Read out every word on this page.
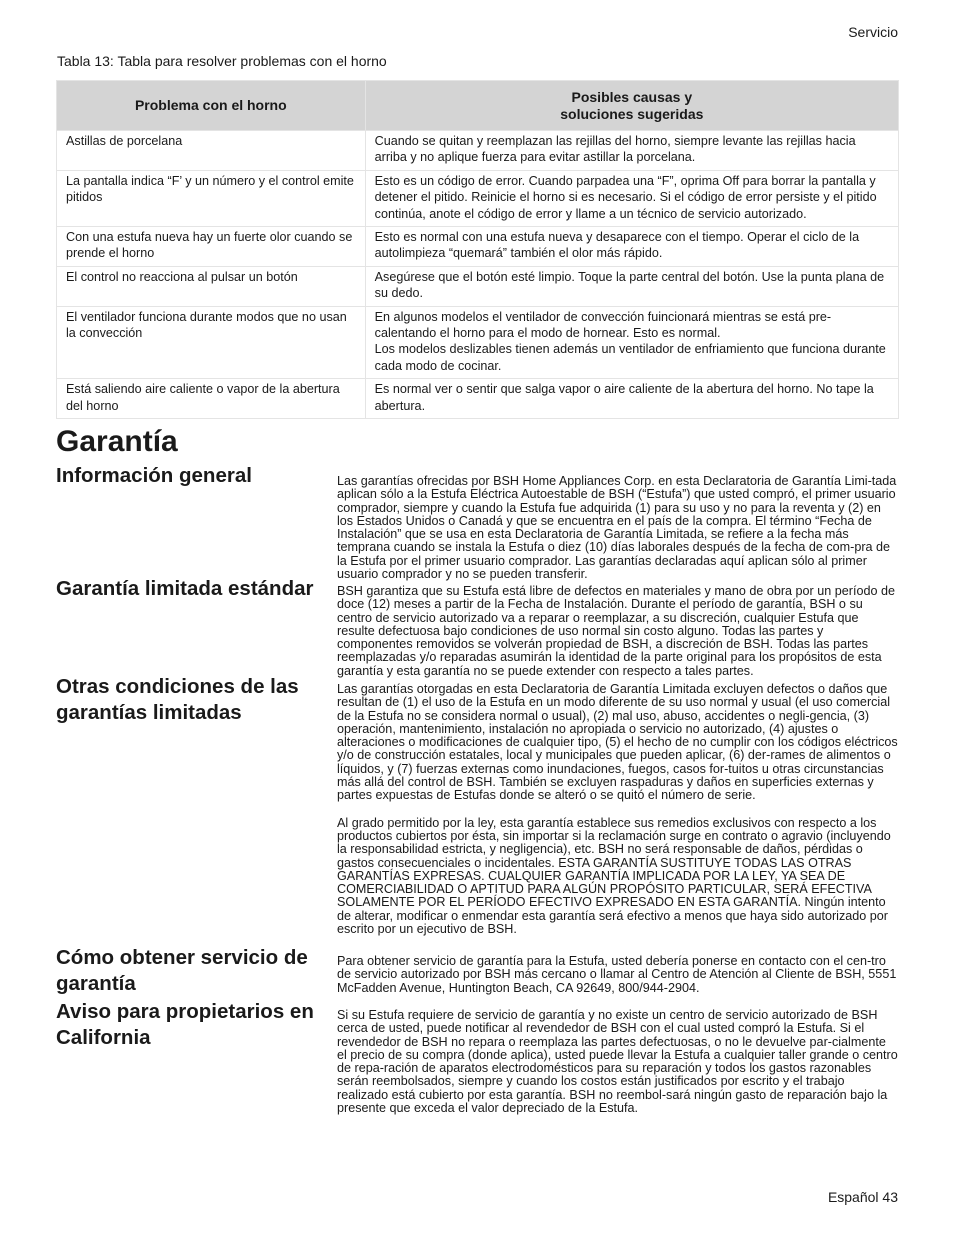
Servicio
Tabla 13: Tabla para resolver problemas con el horno
Problema con el horno	Posibles causas y
soluciones sugeridas
Astillas de porcelana	Cuando se quitan y reemplazan las rejillas del horno, siempre levante las rejillas hacia arriba y no aplique fuerza para evitar astillar la porcelana.
La pantalla indica “F’ y un número y el control emite pitidos	Esto es un código de error. Cuando parpadea una “F”, oprima Off para borrar la pantalla y detener el pitido. Reinicie el horno si es necesario. Si el código de error persiste y el pitido continúa, anote el código de error y llame a un técnico de servicio autorizado.
Con una estufa nueva hay un fuerte olor cuando se prende el horno	Esto es normal con una estufa nueva y desaparece con el tiempo. Operar el ciclo de la autolimpieza “quemará” también el olor más rápido.
El control no reacciona al pulsar un botón	Asegúrese que el botón esté limpio. Toque la parte central del botón. Use la punta plana de su dedo.
El ventilador funciona durante modos que no usan la convección	En algunos modelos el ventilador de convección fuincionará mientras se está pre-calentando el horno para el modo de hornear. Esto es normal.
Los modelos deslizables tienen además un ventilador de enfriamiento que funciona durante cada modo de cocinar.
Está saliendo aire caliente o vapor de la abertura del horno	Es normal ver o sentir que salga vapor o aire caliente de la abertura del horno. No tape la abertura.
Garantía
Información general	Las garantías ofrecidas por BSH Home Appliances Corp. en esta Declaratoria de Garantía Limi-tada aplican sólo a la Estufa Eléctrica Autoestable de BSH (“Estufa”) que usted compró, el primer usuario comprador, siempre y cuando la Estufa fue adquirida (1) para su uso y no para la reventa y (2) en los Estados Unidos o Canadá y que se encuentra en el país de la compra. El término “Fecha de Instalación” que se usa en esta Declaratoria de Garantía Limitada, se refiere a la fecha más temprana cuando se instala la Estufa o diez (10) días laborales después de la fecha de com-pra de la Estufa por el primer usuario comprador. Las garantías declaradas aquí aplican sólo al primer usuario comprador y no se pueden transferir.

Garantía limitada estándar	BSH garantiza que su Estufa está libre de defectos en materiales y mano de obra por un período de doce (12) meses a partir de la Fecha de Instalación. Durante el período de garantía, BSH o su centro de servicio autorizado va a reparar o reemplazar, a su discreción, cualquier Estufa que resulte defectuosa bajo condiciones de uso normal sin costo alguno. Todas las partes y componentes removidos se volverán propiedad de BSH, a discreción de BSH. Todas las partes reemplazadas y/o reparadas asumirán la identidad de la parte original para los propósitos de esta garantía y esta garantía no se puede extender con respecto a tales partes.

Otras condiciones de las garantías limitadas

Las garantías otorgadas en esta Declaratoria de Garantía Limitada excluyen defectos o daños que resultan de (1) el uso de la Estufa en un modo diferente de su uso normal y usual (el uso comercial de la Estufa no se considera normal o usual), (2) mal uso, abuso, accidentes o negli-gencia, (3) operación, mantenimiento, instalación no apropiada o servicio no autorizado, (4) ajustes o alteraciones o modificaciones de cualquier tipo, (5) el hecho de no cumplir con los códigos eléctricos y/o de construcción estatales, local y municipales que pueden aplicar, (6) der-rames de alimentos o líquidos, y (7) fuerzas externas como inundaciones, fuegos, casos for-tuitos u otras circunstancias más allá del control de BSH. También se excluyen raspaduras y daños en superficies externas y partes expuestas de Estufas donde se alteró o se quitó el número de serie.

Al grado permitido por la ley, esta garantía establece sus remedios exclusivos con respecto a los productos cubiertos por ésta, sin importar si la reclamación surge en contrato o agravio (incluyendo la responsabilidad estricta, y negligencia), etc. BSH no será responsable de daños, pérdidas o gastos consecuenciales o incidentales. ESTA GARANTÍA SUSTITUYE TODAS LAS OTRAS GARANTÍAS EXPRESAS. CUALQUIER GARANTÍA IMPLICADA POR LA LEY, YA SEA DE COMERCIABILIDAD O APTITUD PARA ALGÚN PROPÓSITO PARTICULAR, SERÁ EFECTIVA SOLAMENTE POR EL PERÍODO EFECTIVO EXPRESADO EN ESTA GARANTÍA. Ningún intento de alterar, modificar o enmendar esta garantía será efectivo a menos que haya sido autorizado por escrito por un ejecutivo de BSH.

Cómo obtener servicio de garantía

Para obtener servicio de garantía para la Estufa, usted debería ponerse en contacto con el cen-tro de servicio autorizado por BSH más cercano o llamar al Centro de Atención al Cliente de BSH, 5551 McFadden Avenue, Huntington Beach, CA 92649, 800/944-2904.

Aviso para propietarios en California

Si su Estufa requiere de servicio de garantía y no existe un centro de servicio autorizado de BSH cerca de usted, puede notificar al revendedor de BSH con el cual usted compró la Estufa. Si el revendedor de BSH no repara o reemplaza las partes defectuosas, o no le devuelve par-cialmente el precio de su compra (donde aplica), usted puede llevar la Estufa a cualquier taller grande o centro de repa-ración de aparatos electrodomésticos para su reparación y todos los gastos razonables serán reembolsados, siempre y cuando los costos están justificados por escrito y el trabajo realizado está cubierto por esta garantía. BSH no reembol-sará ningún gasto de reparación bajo la presente que exceda el valor depreciado de la Estufa.

Español 43
